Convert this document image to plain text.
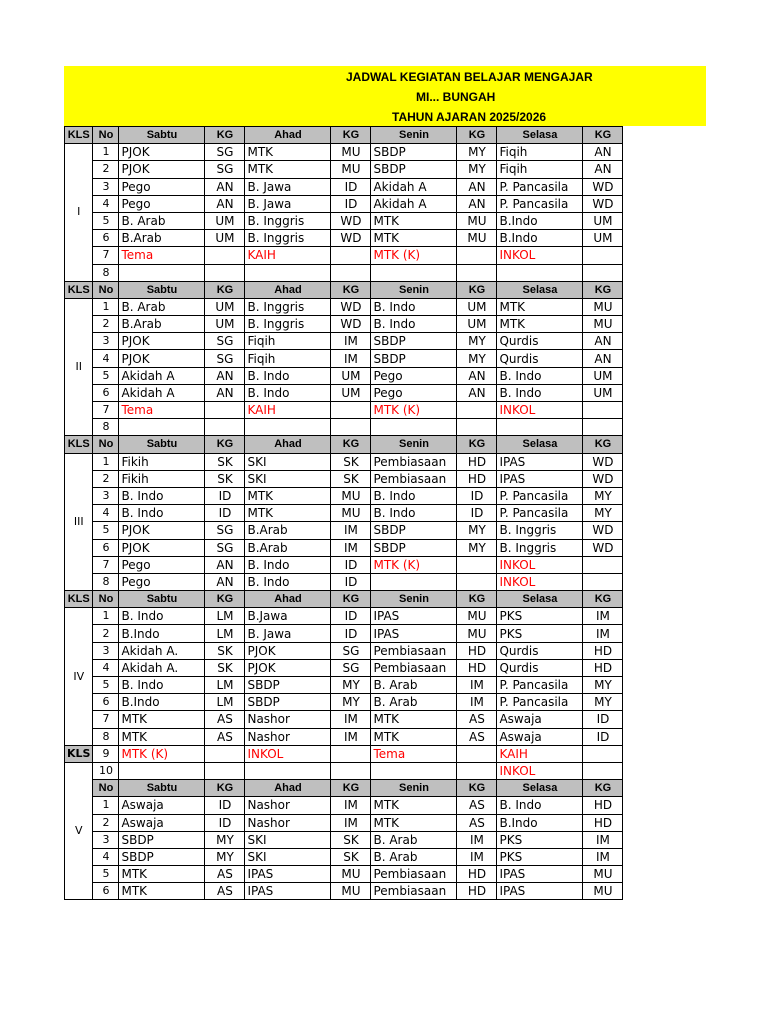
JADWAL KEGIATAN BELAJAR MENGAJAR
MI... BUNGAH
TAHUN AJARAN 2025/2026
KLS	No	Sabtu	KG	Ahad	KG	Senin	KG	Selasa	KG
I	1	PJOK	SG	MTK	MU	SBDP	MY	Fiqih	AN
	2	PJOK	SG	MTK	MU	SBDP	MY	Fiqih	AN
	3	Pego	AN	B. Jawa	ID	Akidah A	AN	P. Pancasila	WD
	4	Pego	AN	B. Jawa	ID	Akidah A	AN	P. Pancasila	WD
	5	B. Arab	UM	B. Inggris	WD	MTK	MU	B.Indo	UM
	6	B.Arab	UM	B. Inggris	WD	MTK	MU	B.Indo	UM
	7	Tema		KAIH		MTK (K)		INKOL	
	8								
KLS	No	Sabtu	KG	Ahad	KG	Senin	KG	Selasa	KG
II	1	B. Arab	UM	B. Inggris	WD	B. Indo	UM	MTK	MU
	2	B.Arab	UM	B. Inggris	WD	B. Indo	UM	MTK	MU
	3	PJOK	SG	Fiqih	IM	SBDP	MY	Qurdis	AN
	4	PJOK	SG	Fiqih	IM	SBDP	MY	Qurdis	AN
	5	Akidah A	AN	B. Indo	UM	Pego	AN	B. Indo	UM
	6	Akidah A	AN	B. Indo	UM	Pego	AN	B. Indo	UM
	7	Tema		KAIH		MTK (K)		INKOL	
	8								
KLS	No	Sabtu	KG	Ahad	KG	Senin	KG	Selasa	KG
III	1	Fikih	SK	SKI	SK	Pembiasaan	HD	IPAS	WD
	2	Fikih	SK	SKI	SK	Pembiasaan	HD	IPAS	WD
	3	B. Indo	ID	MTK	MU	B. Indo	ID	P. Pancasila	MY
	4	B. Indo	ID	MTK	MU	B. Indo	ID	P. Pancasila	MY
	5	PJOK	SG	B.Arab	IM	SBDP	MY	B. Inggris	WD
	6	PJOK	SG	B.Arab	IM	SBDP	MY	B. Inggris	WD
	7	Pego	AN	B. Indo	ID	MTK (K)		INKOL	
	8	Pego	AN	B. Indo	ID			INKOL	
KLS	No	Sabtu	KG	Ahad	KG	Senin	KG	Selasa	KG
IV	1	B. Indo	LM	B.Jawa	ID	IPAS	MU	PKS	IM
	2	B.Indo	LM	B. Jawa	ID	IPAS	MU	PKS	IM
	3	Akidah A.	SK	PJOK	SG	Pembiasaan	HD	Qurdis	HD
	4	Akidah A.	SK	PJOK	SG	Pembiasaan	HD	Qurdis	HD
	5	B. Indo	LM	SBDP	MY	B. Arab	IM	P. Pancasila	MY
	6	B.Indo	LM	SBDP	MY	B. Arab	IM	P. Pancasila	MY
	7	MTK	AS	Nashor	IM	MTK	AS	Aswaja	ID
	8	MTK	AS	Nashor	IM	MTK	AS	Aswaja	ID
KLS	9	MTK (K)		INKOL		Tema		KAIH	
V	10							INKOL	
	No	Sabtu	KG	Ahad	KG	Senin	KG	Selasa	KG
	1	Aswaja	ID	Nashor	IM	MTK	AS	B. Indo	HD
	2	Aswaja	ID	Nashor	IM	MTK	AS	B.Indo	HD
	3	SBDP	MY	SKI	SK	B. Arab	IM	PKS	IM
	4	SBDP	MY	SKI	SK	B. Arab	IM	PKS	IM
	5	MTK	AS	IPAS	MU	Pembiasaan	HD	IPAS	MU
	6	MTK	AS	IPAS	MU	Pembiasaan	HD	IPAS	MU
